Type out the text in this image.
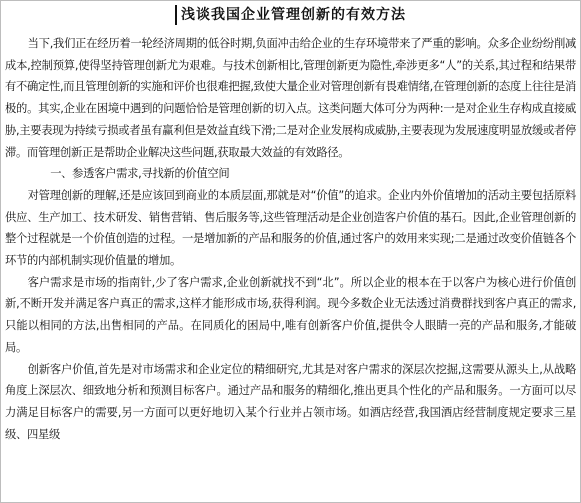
浅谈我国企业管理创新的有效方法

当下,我们正在经历着一轮经济周期的低谷时期,负面冲击给企业的生存环境带来了严重的影响。众多企业纷纷削减成本,控制预算,使得坚持管理创新尤为艰难。与技术创新相比,管理创新更为隐性,牵涉更多“人”的关系,其过程和结果带有不确定性,而且管理创新的实施和评价也很难把握,致使大量企业对管理创新有畏难情绪,在管理创新的态度上往往是消极的。其实,企业在困境中遇到的问题恰恰是管理创新的切入点。这类问题大体可分为两种:一是对企业生存构成直接威胁,主要表现为持续亏损或者虽有赢利但是效益直线下滑;二是对企业发展构成威胁,主要表现为发展速度明显放缓或者停滞。而管理创新正是帮助企业解决这些问题,获取最大效益的有效路径。

一、参透客户需求,寻找新的价值空间

对管理创新的理解,还是应该回到商业的本质层面,那就是对“价值”的追求。企业内外价值增加的活动主要包括原料供应、生产加工、技术研发、销售营销、售后服务等,这些管理活动是企业创造客户价值的基石。因此,企业管理创新的整个过程就是一个价值创造的过程。一是增加新的产品和服务的价值,通过客户的效用来实现;二是通过改变价值链各个环节的内部机制实现价值量的增加。

客户需求是市场的指南针,少了客户需求,企业创新就找不到“北”。所以企业的根本在于以客户为核心进行价值创新,不断开发并满足客户真正的需求,这样才能形成市场,获得利润。现今多数企业无法透过消费群找到客户真正的需求,只能以相同的方法,出售相同的产品。在同质化的困局中,唯有创新客户价值,提供令人眼睛一亮的产品和服务,才能破局。

创新客户价值,首先是对市场需求和企业定位的精细研究,尤其是对客户需求的深层次挖掘,这需要从源头上,从战略角度上深层次、细致地分析和预测目标客户。通过产品和服务的精细化,推出更具个性化的产品和服务。一方面可以尽力满足目标客户的需要,另一方面可以更好地切入某个行业并占领市场。如酒店经营,我国酒店经营制度规定要求三星级、四星级
